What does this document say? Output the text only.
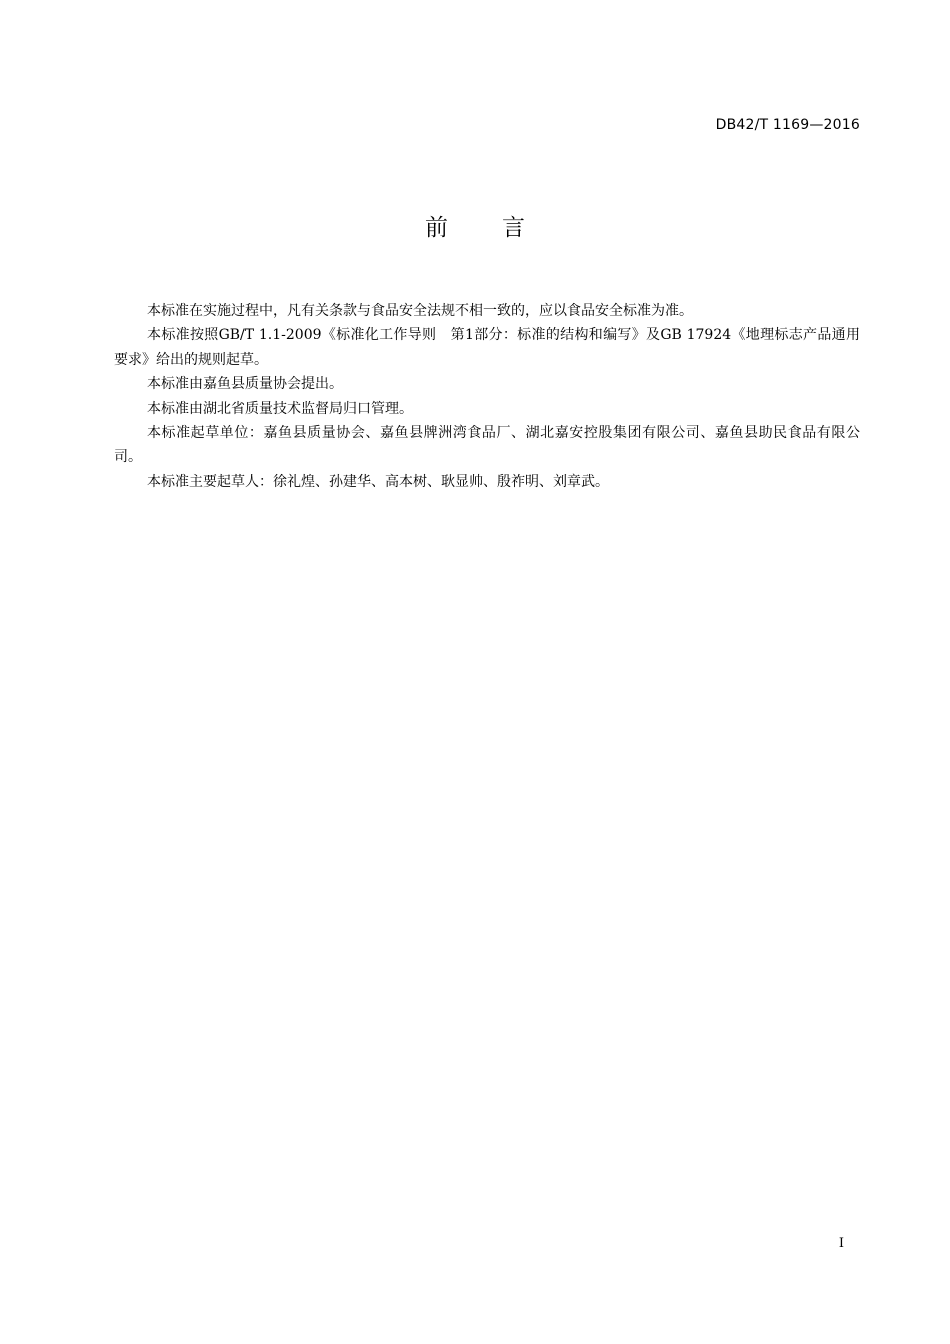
DB42/T 1169—2016
前 言

本标准在实施过程中，凡有关条款与食品安全法规不相一致的，应以食品安全标准为准。

本标准按照GB/T 1.1-2009《标准化工作导则　第1部分：标准的结构和编写》及GB 17924《地理标志产品通用要求》给出的规则起草。

本标准由嘉鱼县质量协会提出。

本标准由湖北省质量技术监督局归口管理。

本标准起草单位：嘉鱼县质量协会、嘉鱼县牌洲湾食品厂、湖北嘉安控股集团有限公司、嘉鱼县助民食品有限公司。

本标准主要起草人：徐礼煌、孙建华、高本树、耿显帅、殷祚明、刘章武。

I
